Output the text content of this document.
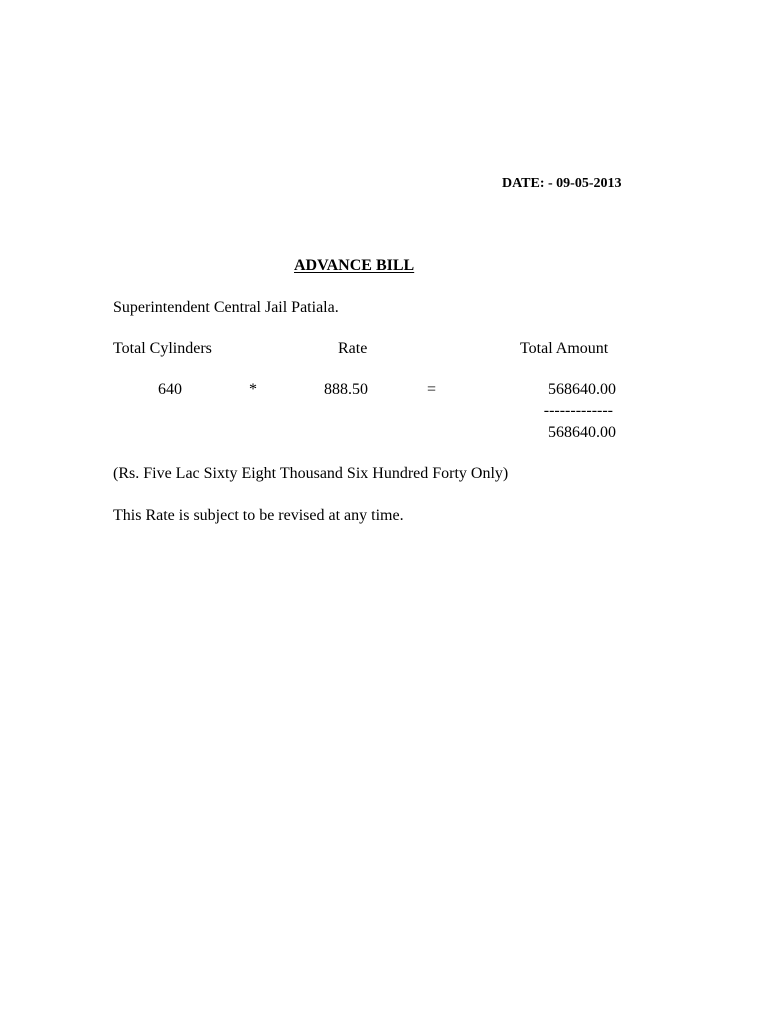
DATE: - 09-05-2013
ADVANCE BILL
Superintendent Central Jail Patiala.
Total Cylinders	Rate	Total Amount
640	*	888.50	=	568640.00
-------------
568640.00
(Rs. Five Lac Sixty Eight Thousand Six Hundred Forty Only)
This Rate is subject to be revised at any time.
